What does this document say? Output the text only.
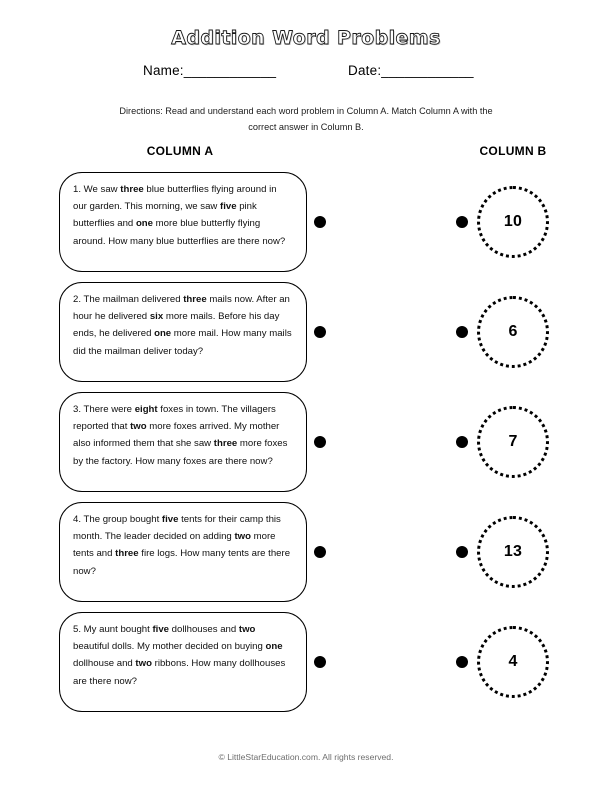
Addition Word Problems
Name:____________	Date:____________
Directions: Read and understand each word problem in Column A. Match Column A with the correct answer in Column B.
COLUMN A	COLUMN B
1. We saw three blue butterflies flying around in our garden. This morning, we saw five pink butterflies and one more blue butterfly flying around. How many blue butterflies are there now?
10
2. The mailman delivered three mails now. After an hour he delivered six more mails. Before his day ends, he delivered one more mail. How many mails did the mailman deliver today?
6
3. There were eight foxes in town. The villagers reported that two more foxes arrived. My mother also informed them that she saw three more foxes by the factory. How many foxes are there now?
7
4. The group bought five tents for their camp this month. The leader decided on adding two more tents and three fire logs. How many tents are there now?
13
5. My aunt bought five dollhouses and two beautiful dolls. My mother decided on buying one dollhouse and two ribbons. How many dollhouses are there now?
4
© LittleStarEducation.com. All rights reserved.
